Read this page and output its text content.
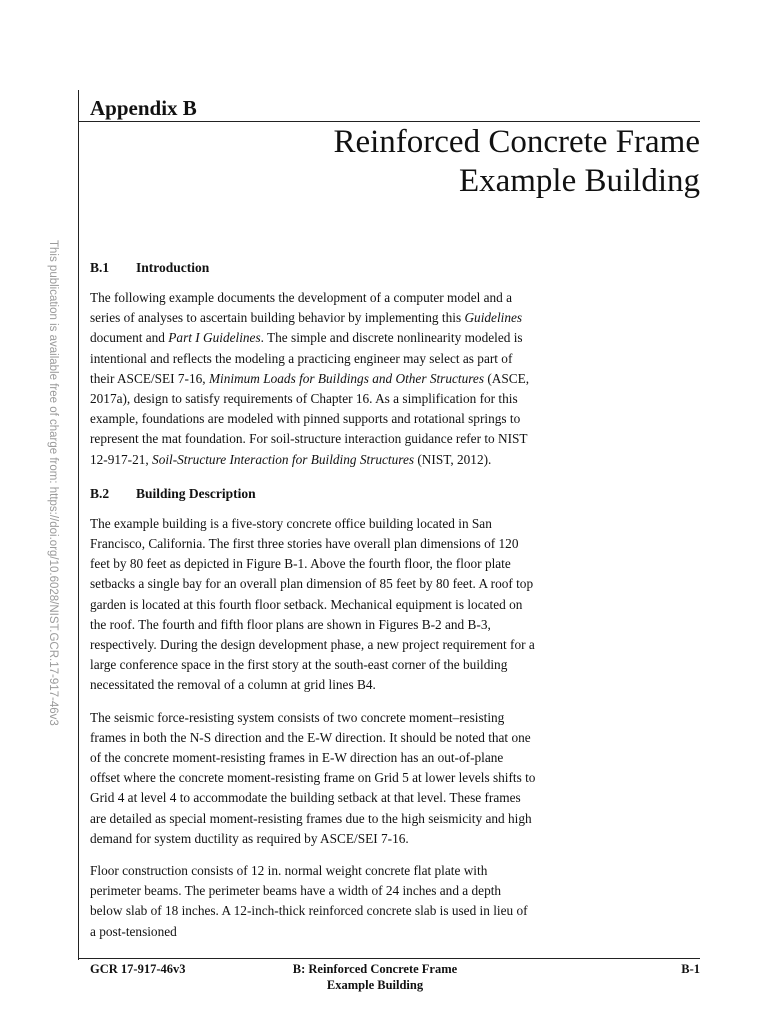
Appendix B
Reinforced Concrete Frame
Example Building
This publication is available free of charge from: https://doi.org/10.6028/NIST.GCR.17-917-46v3 B.1 Introduction

The following example documents the development of a computer model and a series of analyses to ascertain building behavior by implementing this Guidelines document and Part I Guidelines. The simple and discrete nonlinearity modeled is intentional and reflects the modeling a practicing engineer may select as part of their ASCE/SEI 7-16, Minimum Loads for Buildings and Other Structures (ASCE, 2017a), design to satisfy requirements of Chapter 16. As a simplification for this example, foundations are modeled with pinned supports and rotational springs to represent the mat foundation. For soil-structure interaction guidance refer to NIST 12-917-21, Soil-Structure Interaction for Building Structures (NIST, 2012).

B.2 Building Description

The example building is a five-story concrete office building located in San Francisco, California. The first three stories have overall plan dimensions of 120 feet by 80 feet as depicted in Figure B-1. Above the fourth floor, the floor plate setbacks a single bay for an overall plan dimension of 85 feet by 80 feet. A roof top garden is located at this fourth floor setback. Mechanical equipment is located on the roof. The fourth and fifth floor plans are shown in Figures B-2 and B-3, respectively. During the design development phase, a new project requirement for a large conference space in the first story at the south-east corner of the building necessitated the removal of a column at grid lines B4.

The seismic force-resisting system consists of two concrete moment–resisting frames in both the N-S direction and the E-W direction. It should be noted that one of the concrete moment-resisting frames in E-W direction has an out-of-plane offset where the concrete moment-resisting frame on Grid 5 at lower levels shifts to Grid 4 at level 4 to accommodate the building setback at that level. These frames are detailed as special moment-resisting frames due to the high seismicity and high demand for system ductility as required by ASCE/SEI 7-16.

Floor construction consists of 12 in. normal weight concrete flat plate with perimeter beams. The perimeter beams have a width of 24 inches and a depth below slab of 18 inches. A 12-inch-thick reinforced concrete slab is used in lieu of a post-tensioned

GCR 17-917-46v3	B: Reinforced Concrete Frame
Example Building
B-1
